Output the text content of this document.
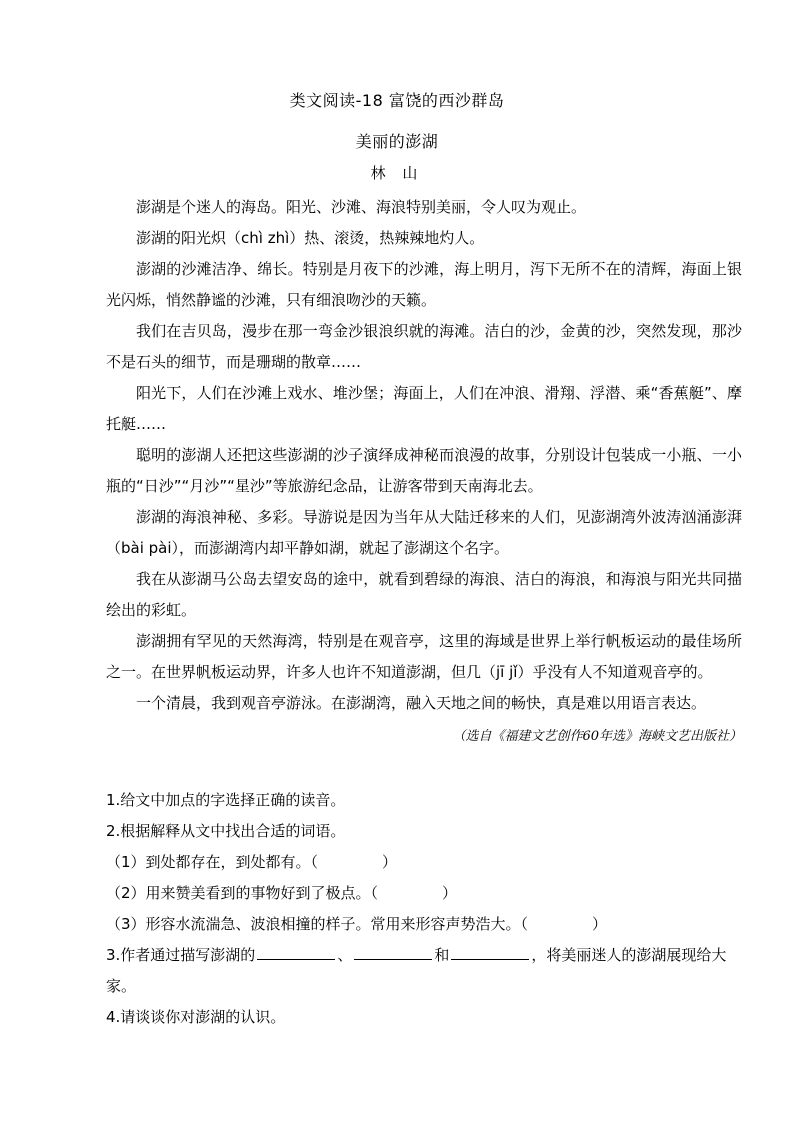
类文阅读-18 富饶的西沙群岛
美丽的澎湖
林 山

澎湖是个迷人的海岛。阳光、沙滩、海浪特别美丽，令人叹为观止。

澎湖的阳光炽（chì zhì）热、滚烫，热辣辣地灼人。

澎湖的沙滩洁净、绵长。特别是月夜下的沙滩，海上明月，泻下无所不在的清辉，海面上银光闪烁，悄然静谧的沙滩，只有细浪吻沙的天籁。

我们在吉贝岛，漫步在那一弯金沙银浪织就的海滩。洁白的沙，金黄的沙，突然发现，那沙不是石头的细节，而是珊瑚的散章……

阳光下，人们在沙滩上戏水、堆沙堡；海面上，人们在冲浪、滑翔、浮潜、乘“香蕉艇”、摩托艇……

聪明的澎湖人还把这些澎湖的沙子演绎成神秘而浪漫的故事，分别设计包装成一小瓶、一小瓶的“日沙”“月沙”“星沙”等旅游纪念品，让游客带到天南海北去。

澎湖的海浪神秘、多彩。导游说是因为当年从大陆迁移来的人们，见澎湖湾外波涛汹涌澎湃（bài pài），而澎湖湾内却平静如湖，就起了澎湖这个名字。

我在从澎湖马公岛去望安岛的途中，就看到碧绿的海浪、洁白的海浪，和海浪与阳光共同描绘出的彩虹。

澎湖拥有罕见的天然海湾，特别是在观音亭，这里的海域是世界上举行帆板运动的最佳场所之一。在世界帆板运动界，许多人也许不知道澎湖，但几（jī jǐ）乎没有人不知道观音亭的。

一个清晨，我到观音亭游泳。在澎湖湾，融入天地之间的畅快，真是难以用语言表达。

（选自《福建文艺创作60年选》海峡文艺出版社）
1.给文中加点的字选择正确的读音。
2.根据解释从文中找出合适的词语。
（1）到处都存在，到处都有。（	）
（2）用来赞美看到的事物好到了极点。（	）
（3）形容水流湍急、波浪相撞的样子。常用来形容声势浩大。（	）
3.作者通过描写澎湖的	、	和	，将美丽迷人的澎湖展现给大家。
4.请谈谈你对澎湖的认识。
